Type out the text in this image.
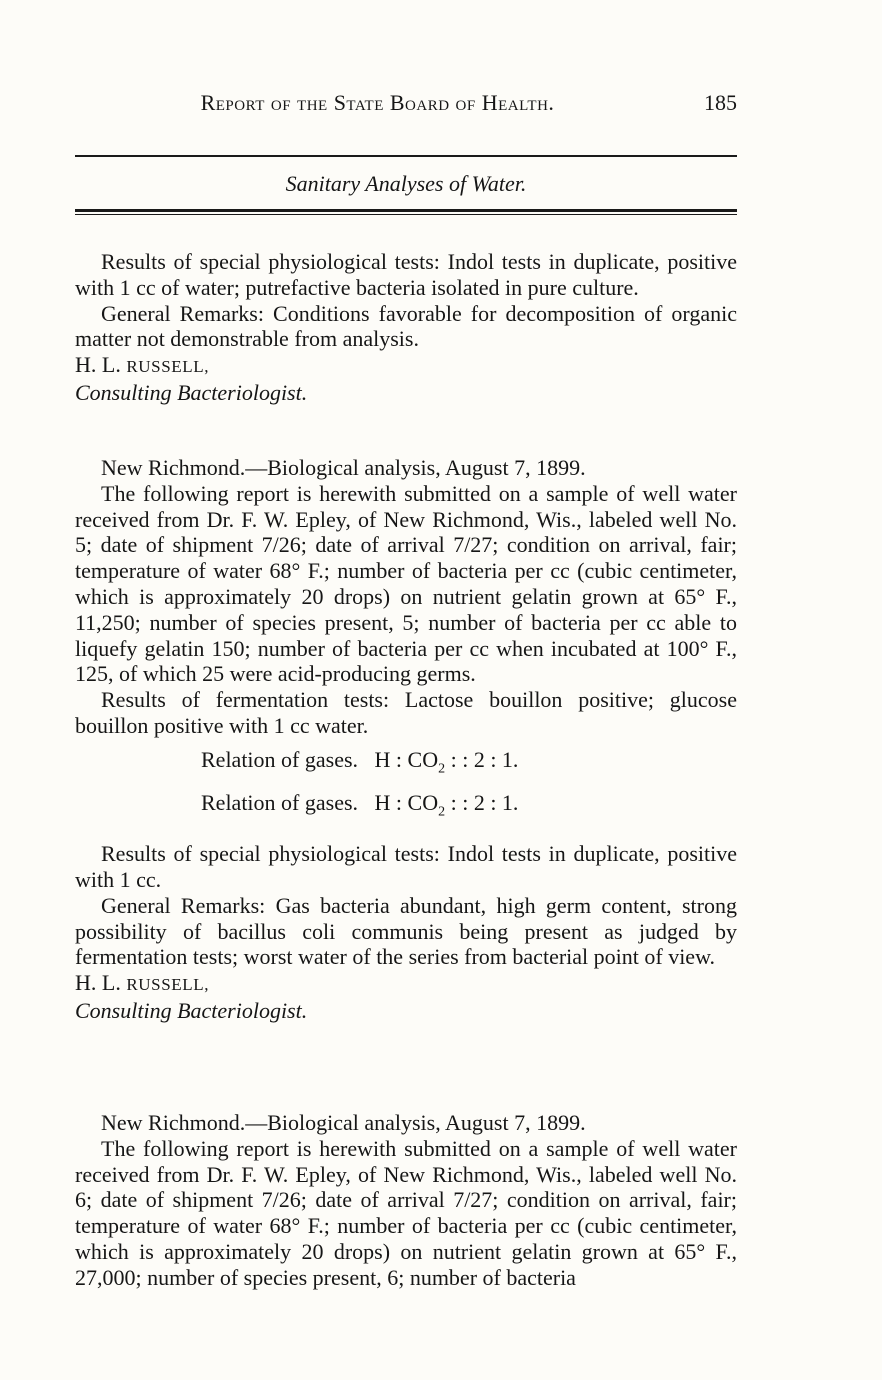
Report of the State Board of Health.	185
Sanitary Analyses of Water.

Results of special physiological tests: Indol tests in duplicate, positive with 1 cc of water; putrefactive bacteria isolated in pure culture.

General Remarks: Conditions favorable for decomposition of organic matter not demonstrable from analysis.

H. L. RUSSELL,
Consulting Bacteriologist.

New Richmond.—Biological analysis, August 7, 1899.

The following report is herewith submitted on a sample of well water received from Dr. F. W. Epley, of New Richmond, Wis., labeled well No. 5; date of shipment 7/26; date of arrival 7/27; condition on arrival, fair; temperature of water 68° F.; number of bacteria per cc (cubic centimeter, which is approximately 20 drops) on nutrient gelatin grown at 65° F., 11,250; number of species present, 5; number of bacteria per cc able to liquefy gelatin 150; number of bacteria per cc when incubated at 100° F., 125, of which 25 were acid-producing germs.

Results of fermentation tests: Lactose bouillon positive; glucose bouillon positive with 1 cc water.

Relation of gases. H : $CO_2$ : : 2 : 1.
Relation of gases. H : $CO_2$ : : 2 : 1.

Results of special physiological tests: Indol tests in duplicate, positive with 1 cc.

General Remarks: Gas bacteria abundant, high germ content, strong possibility of bacillus coli communis being present as judged by fermentation tests; worst water of the series from bacterial point of view.

H. L. RUSSELL,
Consulting Bacteriologist.

New Richmond.—Biological analysis, August 7, 1899.

The following report is herewith submitted on a sample of well water received from Dr. F. W. Epley, of New Richmond, Wis., labeled well No. 6; date of shipment 7/26; date of arrival 7/27; condition on arrival, fair; temperature of water 68° F.; number of bacteria per cc (cubic centimeter, which is approximately 20 drops) on nutrient gelatin grown at 65° F., 27,000; number of species present, 6; number of bacteria
